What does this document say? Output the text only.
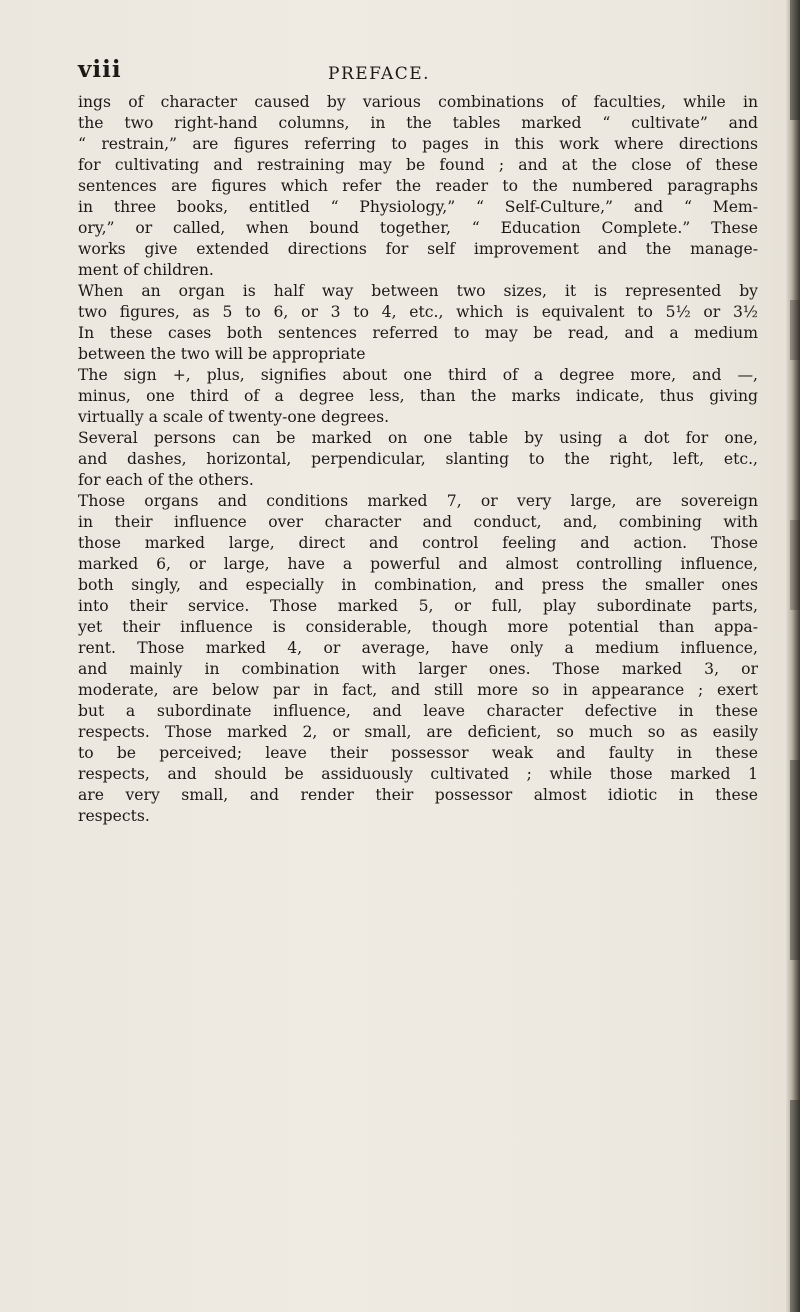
viii	PREFACE.

ings of character caused by various combinations of faculties, while in
the two right-hand columns, in the tables marked “ cultivate” and
“ restrain,” are figures referring to pages in this work where directions
for cultivating and restraining may be found ; and at the close of these
sentences are figures which refer the reader to the numbered paragraphs
in three books, entitled “ Physiology,” “ Self-Culture,” and “ Mem-
ory,” or called, when bound together, “ Education Complete.” These
works give extended directions for self improvement and the manage-
ment of children.
When an organ is half way between two sizes, it is represented by
two figures, as 5 to 6, or 3 to 4, etc., which is equivalent to 5½ or 3½
In these cases both sentences referred to may be read, and a medium
between the two will be appropriate
The sign +, plus, signifies about one third of a degree more, and —,
minus, one third of a degree less, than the marks indicate, thus giving
virtually a scale of twenty-one degrees.
Several persons can be marked on one table by using a dot for one,
and dashes, horizontal, perpendicular, slanting to the right, left, etc.,
for each of the others.
Those organs and conditions marked 7, or very large, are sovereign
in their influence over character and conduct, and, combining with
those marked large, direct and control feeling and action. Those
marked 6, or large, have a powerful and almost controlling influence,
both singly, and especially in combination, and press the smaller ones
into their service. Those marked 5, or full, play subordinate parts,
yet their influence is considerable, though more potential than appa-
rent. Those marked 4, or average, have only a medium influence,
and mainly in combination with larger ones. Those marked 3, or
moderate, are below par in fact, and still more so in appearance ; exert
but a subordinate influence, and leave character defective in these
respects. Those marked 2, or small, are deficient, so much so as easily
to be perceived; leave their possessor weak and faulty in these
respects, and should be assiduously cultivated ; while those marked 1
are very small, and render their possessor almost idiotic in these
respects.
